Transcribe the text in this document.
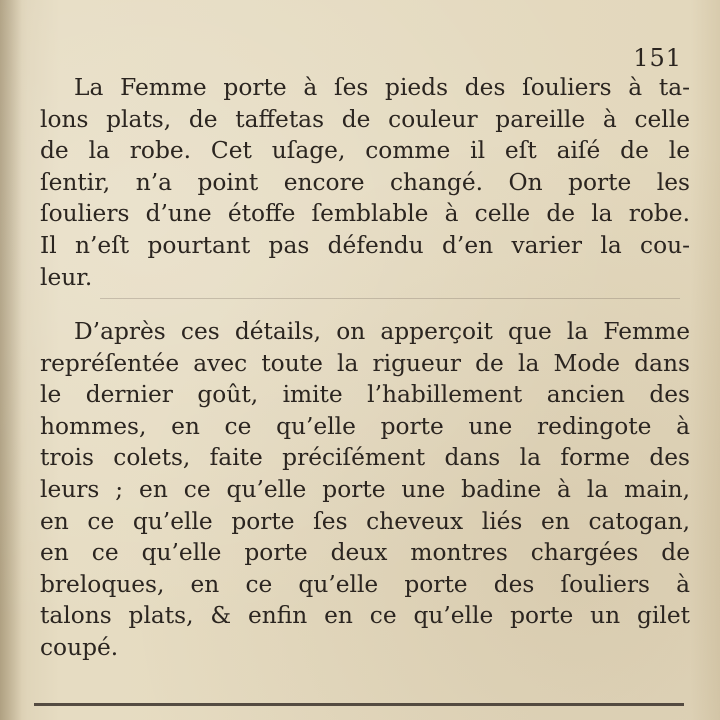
151
La Femme porte à ſes pieds des ſouliers à ta-
lons plats, de taffetas de couleur pareille à celle
de la robe. Cet uſage, comme il eſt aiſé de le
ſentir, n’a point encore changé. On porte les
ſouliers d’une étoffe ſemblable à celle de la robe.
Il n’eſt pourtant pas défendu d’en varier la cou-
leur.
D’après ces détails, on apperçoit que la Femme
repréſentée avec toute la rigueur de la Mode dans
le dernier goût, imite l’habillement ancien des
hommes, en ce qu’elle porte une redingote à
trois colets, faite préciſément dans la forme des
leurs ; en ce qu’elle porte une badine à la main,
en ce qu’elle porte ſes cheveux liés en catogan,
en ce qu’elle porte deux montres chargées de
breloques, en ce qu’elle porte des ſouliers à
talons plats, & enfin en ce qu’elle porte un gilet
coupé.
